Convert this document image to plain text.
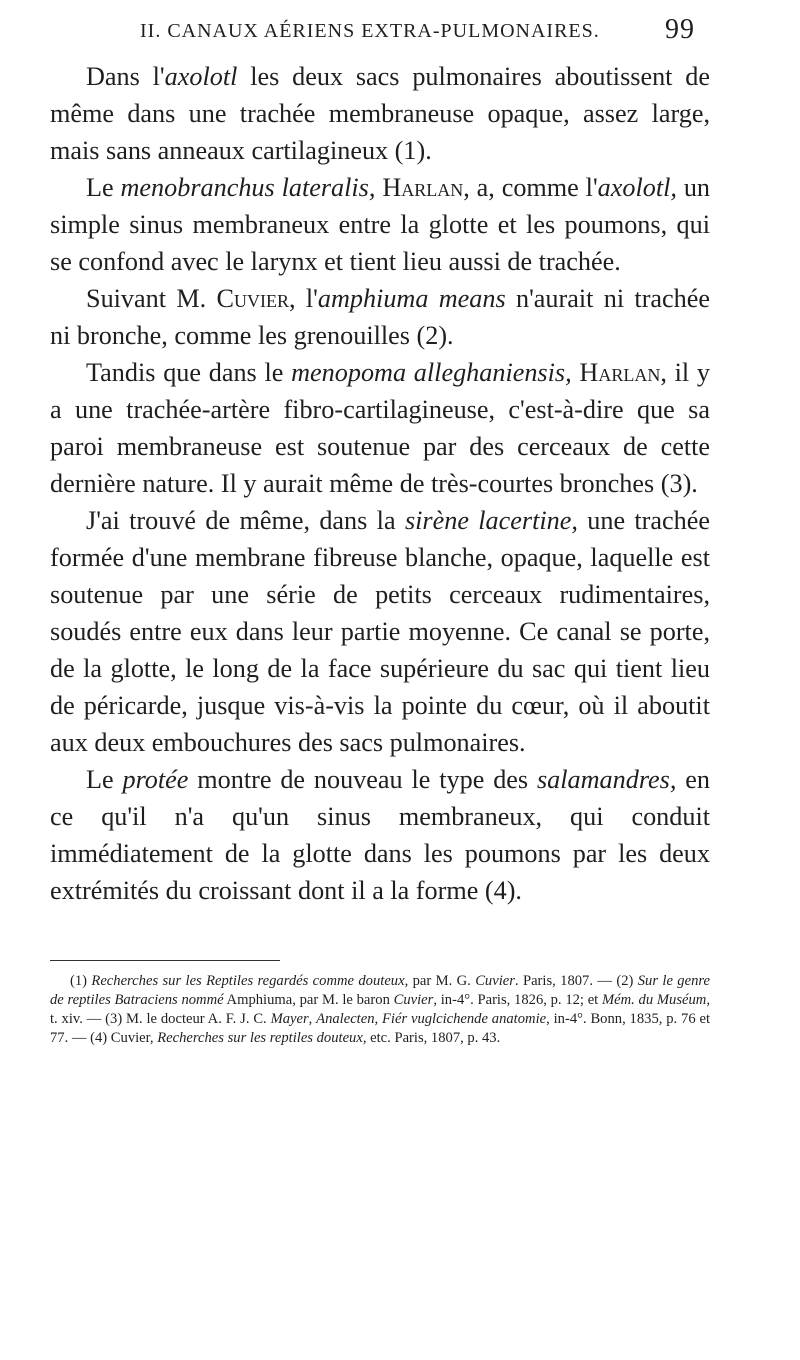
II. CANAUX AÉRIENS EXTRA-PULMONAIRES. 99

Dans l'axolotl les deux sacs pulmonaires aboutissent de même dans une trachée membraneuse opaque, assez large, mais sans anneaux cartilagineux (1).

Le menobranchus lateralis, Harlan, a, comme l'axolotl, un simple sinus membraneux entre la glotte et les poumons, qui se confond avec le larynx et tient lieu aussi de trachée.

Suivant M. Cuvier, l'amphiuma means n'aurait ni trachée ni bronche, comme les grenouilles (2).

Tandis que dans le menopoma alleghaniensis, Harlan, il y a une trachée-artère fibro-cartilagineuse, c'est-à-dire que sa paroi membraneuse est soutenue par des cerceaux de cette dernière nature. Il y aurait même de très-courtes bronches (3).

J'ai trouvé de même, dans la sirène lacertine, une trachée formée d'une membrane fibreuse blanche, opaque, laquelle est soutenue par une série de petits cerceaux rudimentaires, soudés entre eux dans leur partie moyenne. Ce canal se porte, de la glotte, le long de la face supérieure du sac qui tient lieu de péricarde, jusque vis-à-vis la pointe du cœur, où il aboutit aux deux embouchures des sacs pulmonaires.

Le protée montre de nouveau le type des salamandres, en ce qu'il n'a qu'un sinus membraneux, qui conduit immédiatement de la glotte dans les poumons par les deux extrémités du croissant dont il a la forme (4).

(1) Recherches sur les Reptiles regardés comme douteux, par M. G. Cuvier. Paris, 1807. — (2) Sur le genre de reptiles Batraciens nommé Amphiuma, par M. le baron Cuvier, in-4°. Paris, 1826, p. 12; et Mém. du Muséum, t. xiv. — (3) M. le docteur A. F. J. C. Mayer, Analecten, Fiér vuglcichende anatomie, in-4°. Bonn, 1835, p. 76 et 77. — (4) Cuvier, Recherches sur les reptiles douteux, etc. Paris, 1807, p. 43.
